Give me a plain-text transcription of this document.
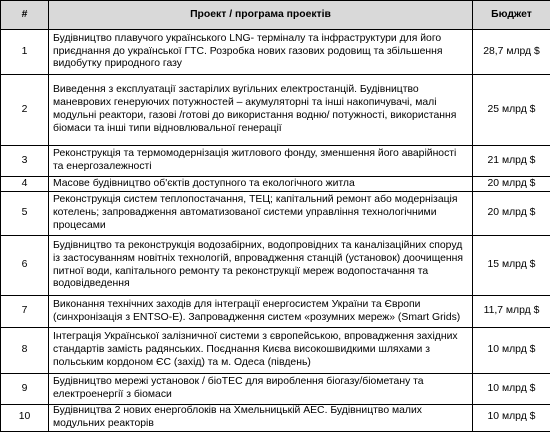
#	Проект / програма проектів	Бюджет
1	Будівництво плавучого українського LNG- терміналу та інфраструктури для його приєднання до української ГТС. Розробка нових газових родовищ та збільшення видобутку природного газу	28,7 млрд $
2	Виведення з експлуатації застарілих вугільних електростанцій. Будівництво маневрових генеруючих потужностей – акумуляторні та інші накопичувачі, малі модульні реактори, газові /готові до використання водню/ потужності, використання біомаси та інші типи відновлювальної генерації	25 млрд $
3	Реконструкція та термомодернізація житлового фонду, зменшення його аварійності та енергозалежності	21 млрд $
4	Масове будівництво об'єктів доступного та екологічного житла	20 млрд $
5	Реконструкція систем теплопостачання, ТЕЦ; капітальний ремонт або модернізація котелень; запровадження автоматизованої системи управління технологічними процесами	20 млрд $
6	Будівництво та реконструкція водозабірних, водопровідних та каналізаційних споруд із застосуванням новітніх технологій, впровадження станцій (установок) доочищення питної води, капітального ремонту та реконструкції мереж водопостачання та водовідведення	15 млрд $
7	Виконання технічних заходів для інтеграції енергосистем України та Європи (синхронізація з ENTSO-E). Запровадження систем «розумних мереж» (Smart Grids)	11,7 млрд $
8	Інтеграція Української залізничної системи з європейською, впровадження західних стандартів замість радянських. Поєднання Києва високошвидкими шляхами з польським кордоном ЄС (захід) та м. Одеса (південь)	10 млрд $
9	Будівництво мережі установок / біоТЕС для вироблення біогазу/біометану та електроенергії з біомаси	10 млрд $
10	Будівництва 2 нових енергоблоків на Хмельницькій АЕС. Будівництво малих модульних реакторів	10 млрд $
